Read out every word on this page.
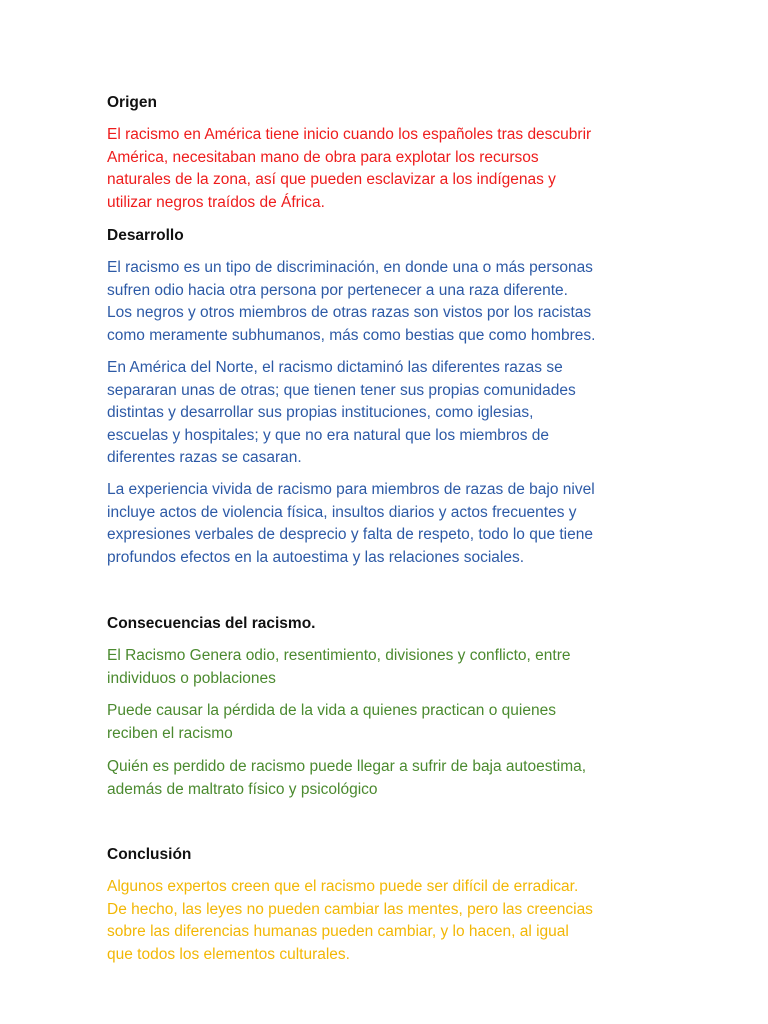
Origen

El racismo en América tiene inicio cuando los españoles tras descubrir
América, necesitaban mano de obra para explotar los recursos
naturales de la zona, así que pueden esclavizar a los indígenas y
utilizar negros traídos de África.

Desarrollo

El racismo es un tipo de discriminación, en donde una o más personas
sufren odio hacia otra persona por pertenecer a una raza diferente.
Los negros y otros miembros de otras razas son vistos por los racistas
como meramente subhumanos, más como bestias que como hombres.

En América del Norte, el racismo dictaminó las diferentes razas se
separaran unas de otras; que tienen tener sus propias comunidades
distintas y desarrollar sus propias instituciones, como iglesias,
escuelas y hospitales; y que no era natural que los miembros de
diferentes razas se casaran.

La experiencia vivida de racismo para miembros de razas de bajo nivel
incluye actos de violencia física, insultos diarios y actos frecuentes y
expresiones verbales de desprecio y falta de respeto, todo lo que tiene
profundos efectos en la autoestima y las relaciones sociales.

Consecuencias del racismo.

El Racismo Genera odio, resentimiento, divisiones y conflicto, entre
individuos o poblaciones

Puede causar la pérdida de la vida a quienes practican o quienes
reciben el racismo

Quién es perdido de racismo puede llegar a sufrir de baja autoestima,
además de maltrato físico y psicológico

Conclusión

Algunos expertos creen que el racismo puede ser difícil de erradicar.
De hecho, las leyes no pueden cambiar las mentes, pero las creencias
sobre las diferencias humanas pueden cambiar, y lo hacen, al igual
que todos los elementos culturales.
